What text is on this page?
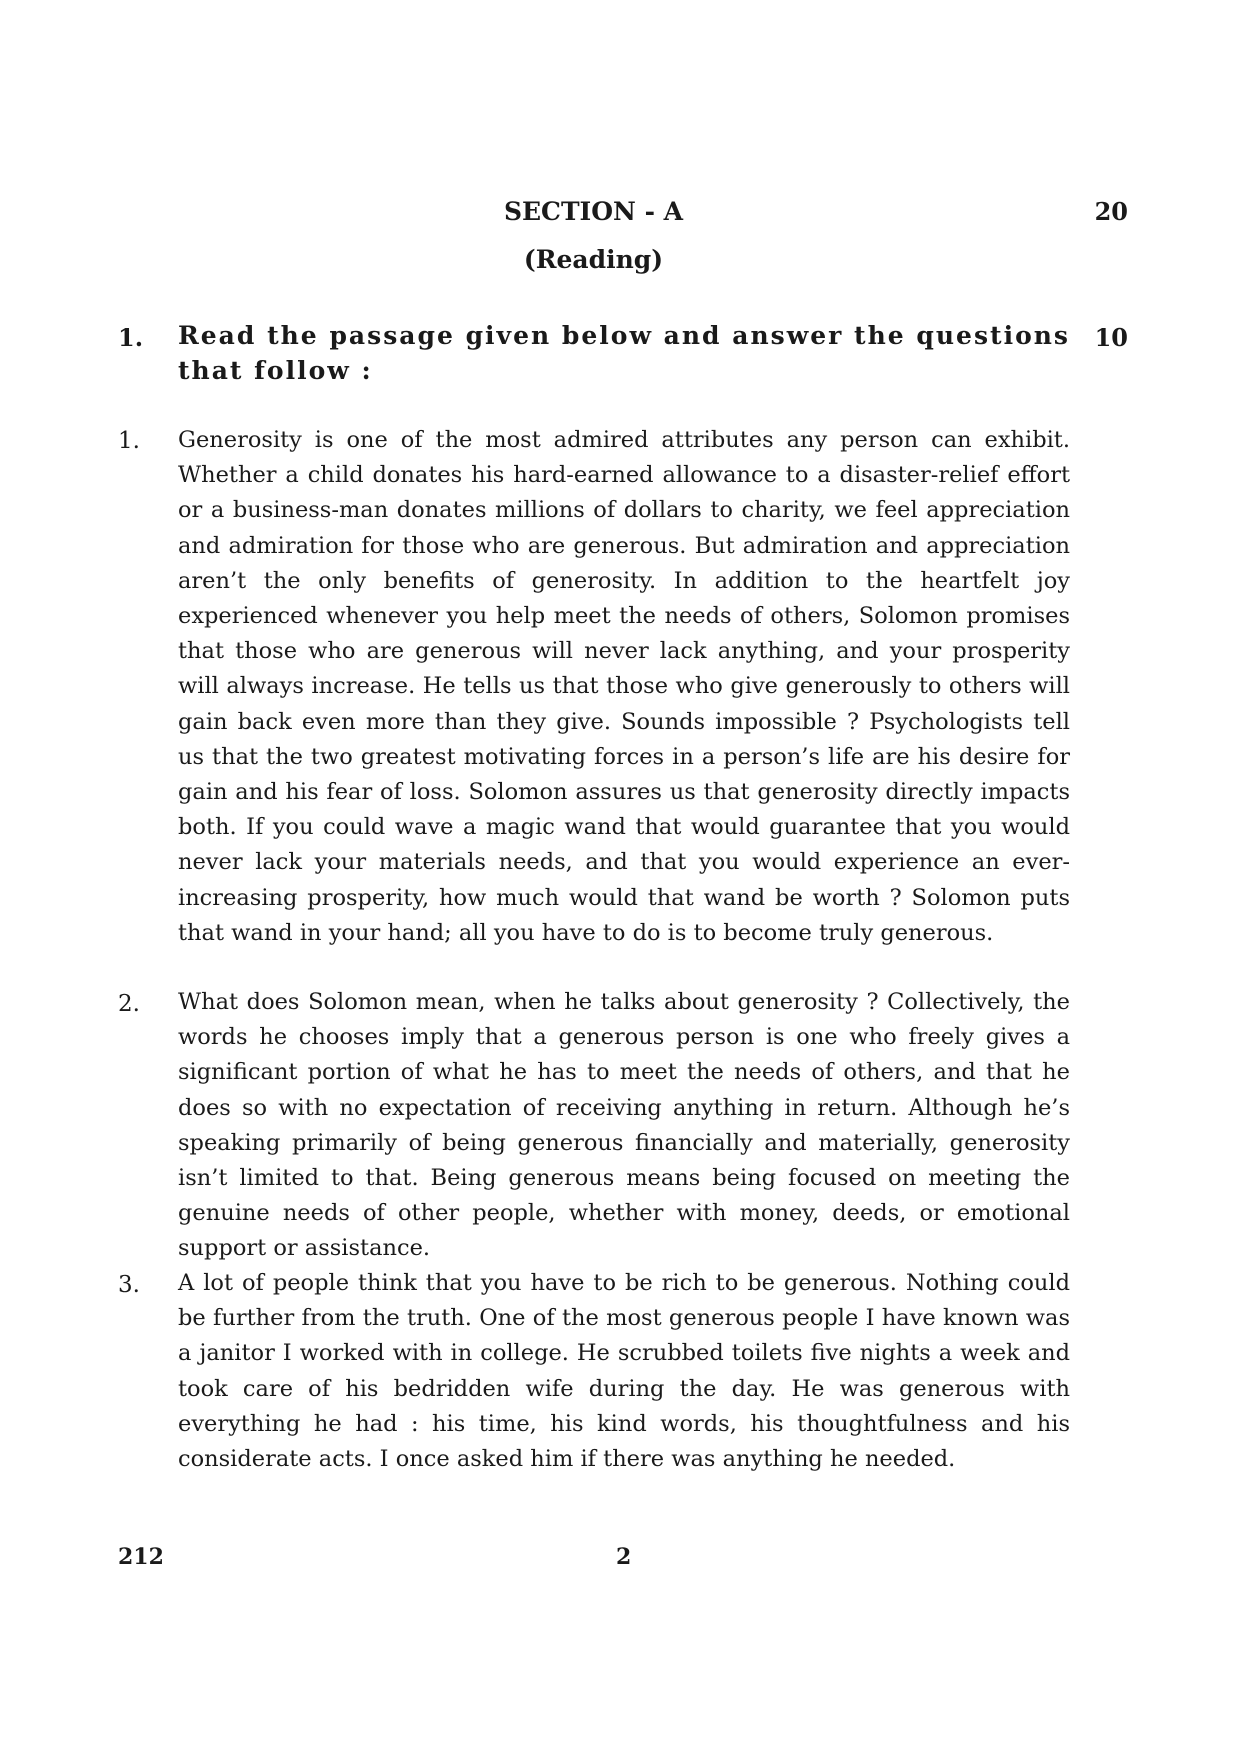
SECTION - A
(Reading)
20
1. Read the passage given below and answer the questions that follow :
10
1. Generosity is one of the most admired attributes any person can exhibit. Whether a child donates his hard-earned allowance to a disaster-relief effort or a business-man donates millions of dollars to charity, we feel appreciation and admiration for those who are generous. But admiration and appreciation aren’t the only benefits of generosity. In addition to the heartfelt joy experienced whenever you help meet the needs of others, Solomon promises that those who are generous will never lack anything, and your prosperity will always increase. He tells us that those who give generously to others will gain back even more than they give. Sounds impossible ? Psychologists tell us that the two greatest motivating forces in a person’s life are his desire for gain and his fear of loss. Solomon assures us that generosity directly impacts both. If you could wave a magic wand that would guarantee that you would never lack your materials needs, and that you would experience an ever-increasing prosperity, how much would that wand be worth ? Solomon puts that wand in your hand; all you have to do is to become truly generous.

2. What does Solomon mean, when he talks about generosity ? Collectively, the words he chooses imply that a generous person is one who freely gives a significant portion of what he has to meet the needs of others, and that he does so with no expectation of receiving anything in return. Although he’s speaking primarily of being generous financially and materially, generosity isn’t limited to that. Being generous means being focused on meeting the genuine needs of other people, whether with money, deeds, or emotional support or assistance.

3. A lot of people think that you have to be rich to be generous. Nothing could be further from the truth. One of the most generous people I have known was a janitor I worked with in college. He scrubbed toilets five nights a week and took care of his bedridden wife during the day. He was generous with everything he had : his time, his kind words, his thoughtfulness and his considerate acts. I once asked him if there was anything he needed.

212	2
